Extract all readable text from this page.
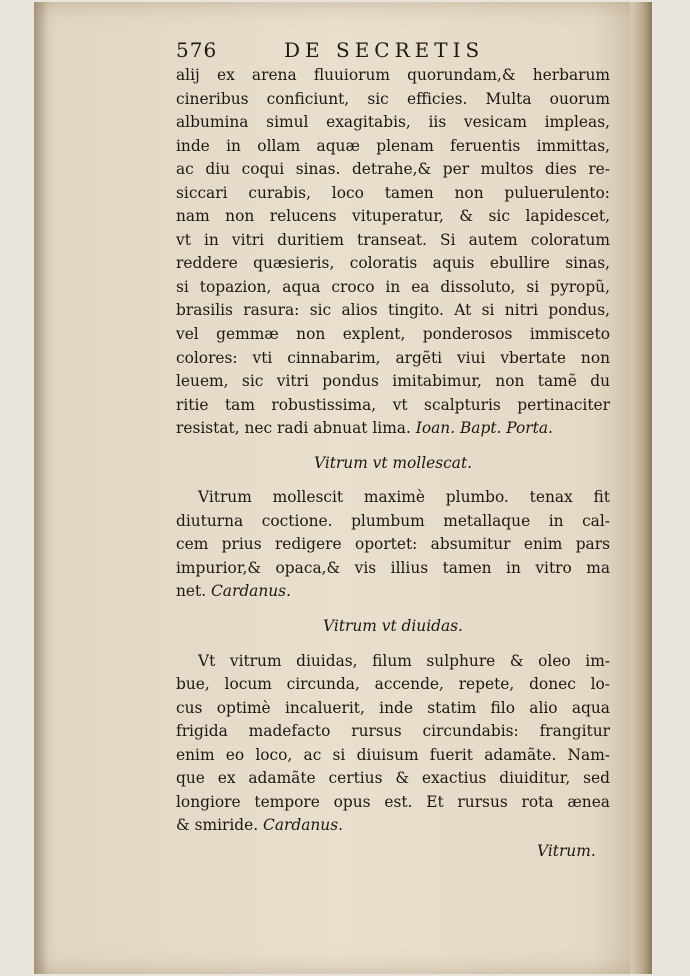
576	DE SECRETIS
alij ex arena fluuiorum quorundam,& herbarum
cineribus conficiunt, sic efficies. Multa ouorum
albumina simul exagitabis, iis vesicam impleas,
inde in ollam aquæ plenam feruentis immittas,
ac diu coqui sinas. detrahe,& per multos dies re-
siccari curabis, loco tamen non puluerulento:
nam non relucens vituperatur, & sic lapidescet,
vt in vitri duritiem transeat. Si autem coloratum
reddere quæsieris, coloratis aquis ebullire sinas,
si topazion, aqua croco in ea dissoluto, si pyropũ,
brasilis rasura: sic alios tingito. At si nitri pondus,
vel gemmæ non explent, ponderosos immisceto
colores: vti cinnabarim, argẽti viui vbertate non
leuem, sic vitri pondus imitabimur, non tamẽ du
ritie tam robustissima, vt scalpturis pertinaciter
resistat, nec radi abnuat lima. Ioan. Bapt. Porta.
Vitrum vt mollescat.
Vitrum mollescit maximè plumbo. tenax fit
diuturna coctione. plumbum metallaque in cal-
cem prius redigere oportet: absumitur enim pars
impurior,& opaca,& vis illius tamen in vitro ma
net. Cardanus.
Vitrum vt diuidas.
Vt vitrum diuidas, filum sulphure & oleo im-
bue, locum circunda, accende, repete, donec lo-
cus optimè incaluerit, inde statim filo alio aqua
frigida madefacto rursus circundabis: frangitur
enim eo loco, ac si diuisum fuerit adamãte. Nam-
que ex adamãte certius & exactius diuiditur, sed
longiore tempore opus est. Et rursus rota ænea
& smiride. Cardanus.
Vitrum.
